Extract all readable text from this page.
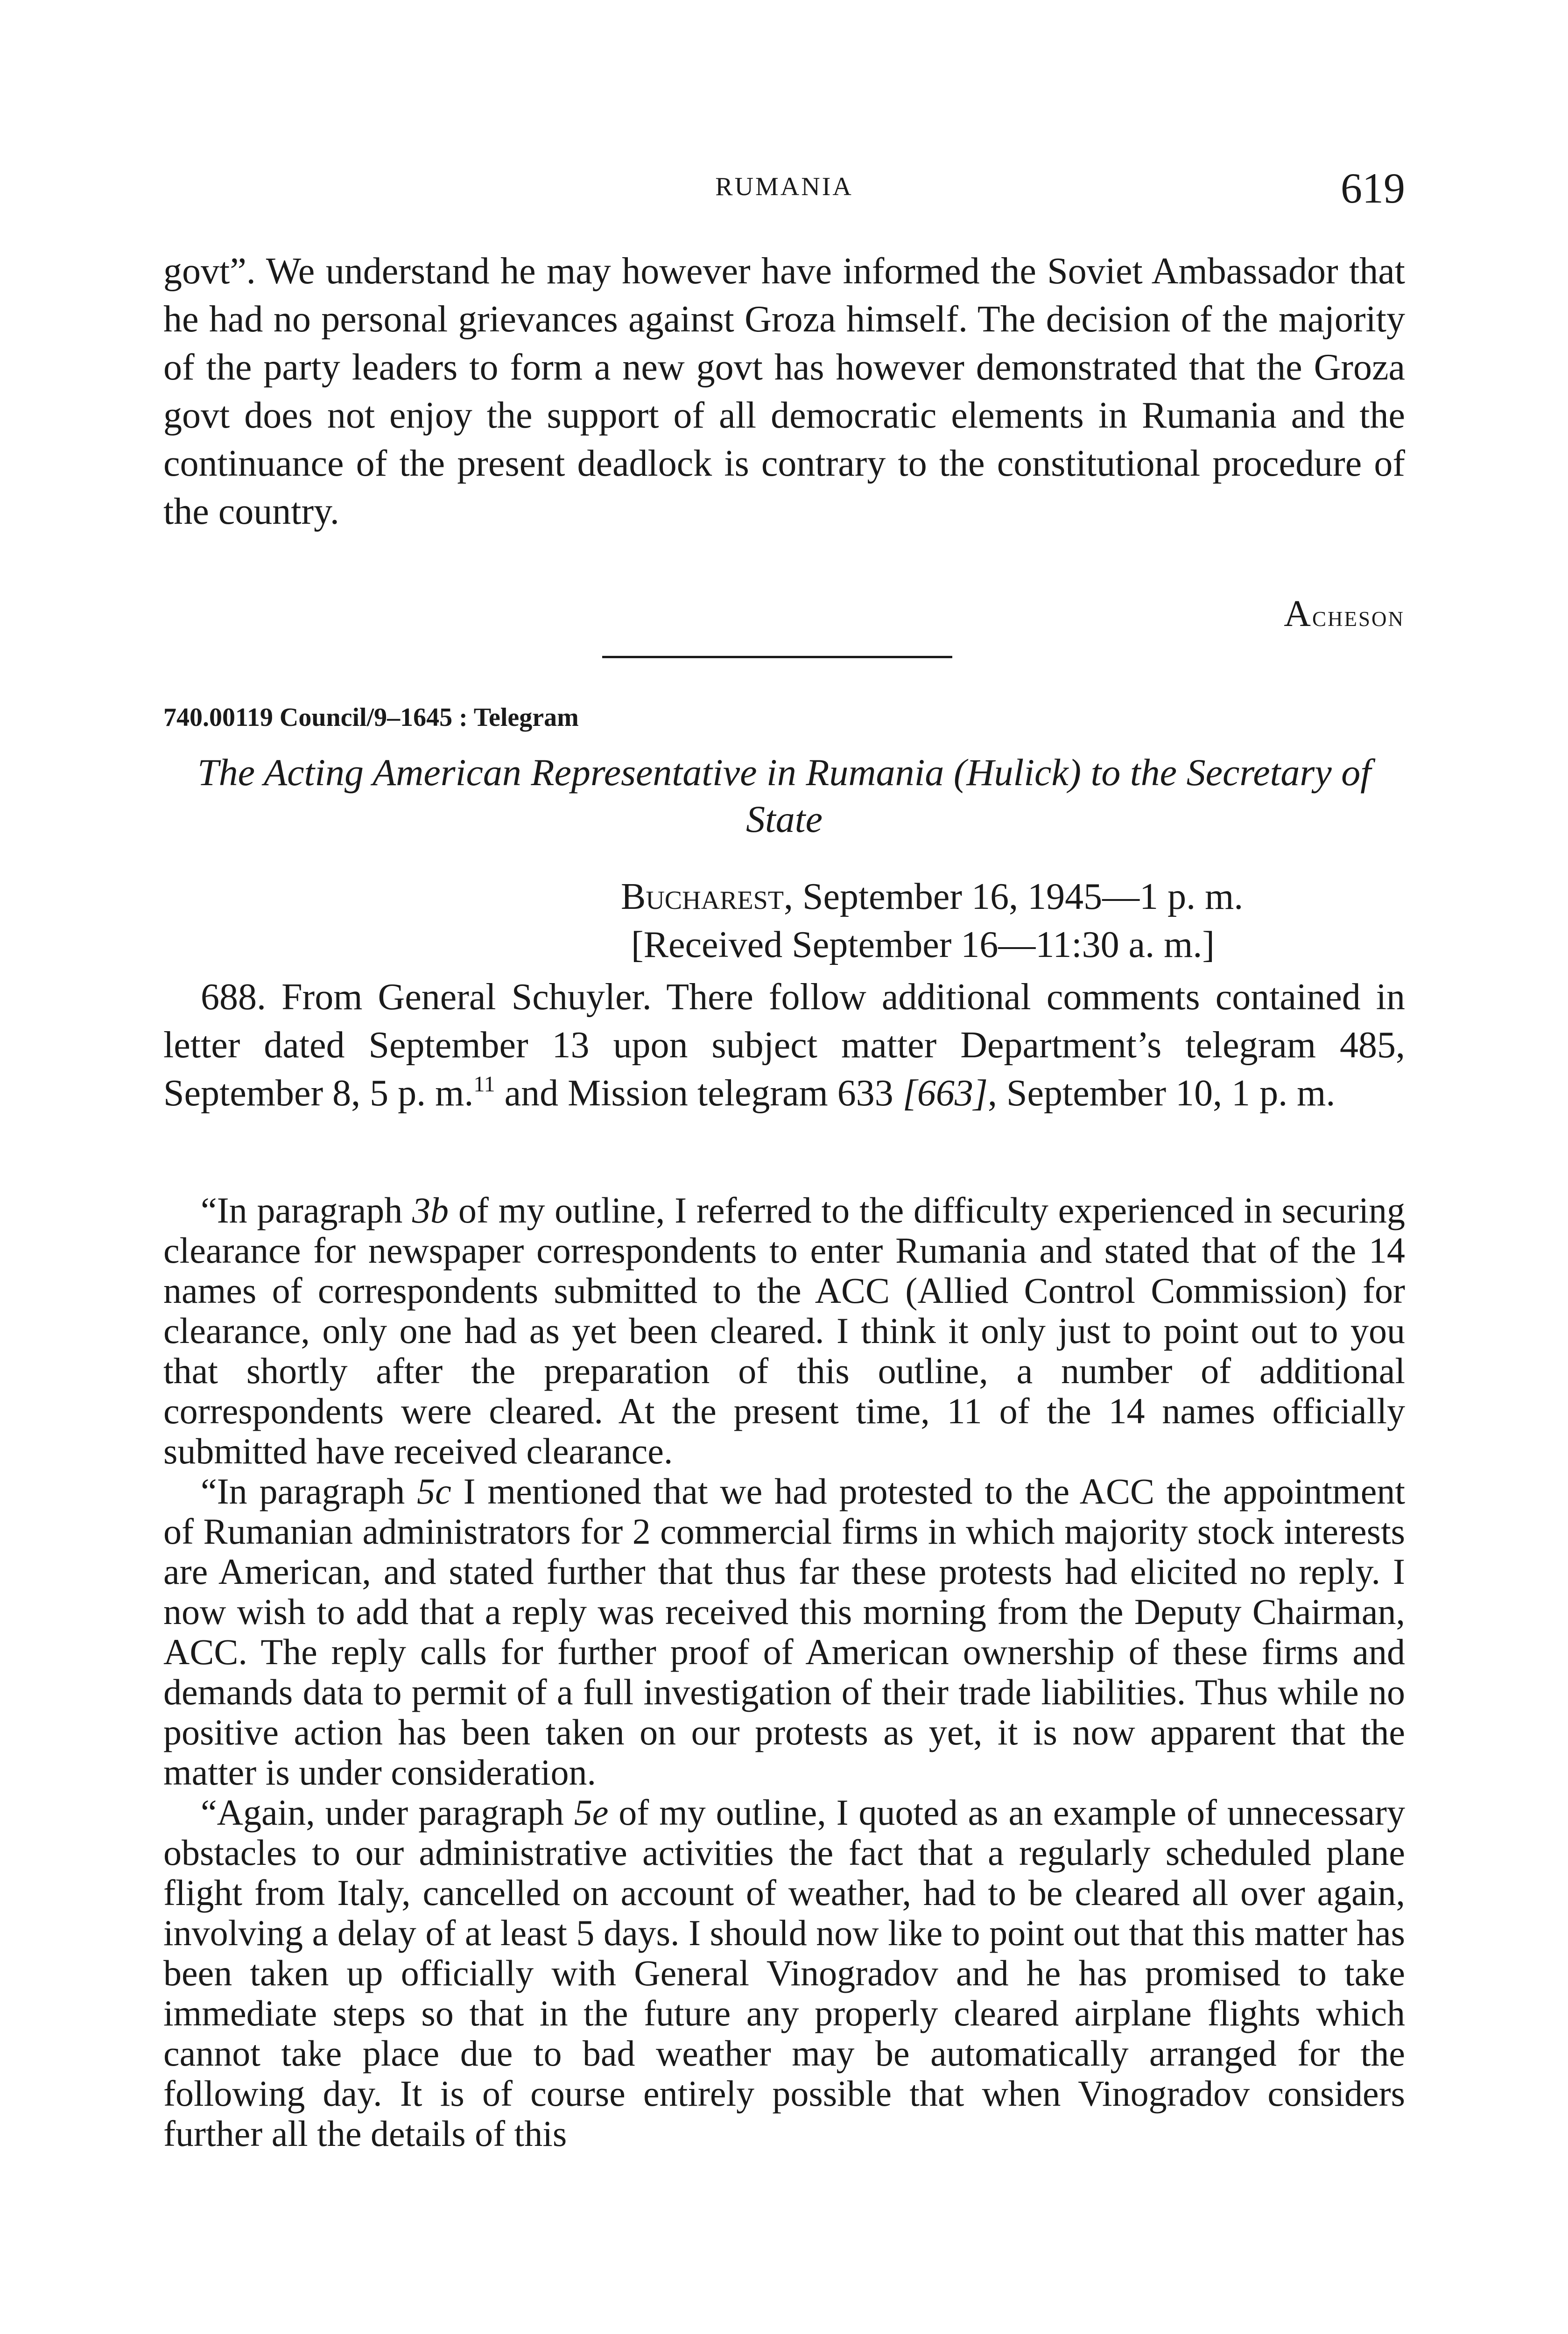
RUMANIA	619

govt”. We understand he may however have informed the Soviet Ambassador that he had no personal grievances against Groza himself. The decision of the majority of the party leaders to form a new govt has however demonstrated that the Groza govt does not enjoy the support of all democratic elements in Rumania and the continuance of the present deadlock is contrary to the constitutional procedure of the country.

Acheson
740.00119 Council/9–1645 : Telegram
The Acting American Representative in Rumania (Hulick) to the Secretary of State
Bucharest, September 16, 1945—1 p. m.
[Received September 16—11:30 a. m.]

688. From General Schuyler. There follow additional comments contained in letter dated September 13 upon subject matter Department’s telegram 485, September 8, 5 p. m.$^{11}$ and Mission telegram 633 [663], September 10, 1 p. m.

“In paragraph 3b of my outline, I referred to the difficulty experienced in securing clearance for newspaper correspondents to enter Rumania and stated that of the 14 names of correspondents submitted to the ACC (Allied Control Commission) for clearance, only one had as yet been cleared. I think it only just to point out to you that shortly after the preparation of this outline, a number of additional correspondents were cleared. At the present time, 11 of the 14 names officially submitted have received clearance.

“In paragraph 5c I mentioned that we had protested to the ACC the appointment of Rumanian administrators for 2 commercial firms in which majority stock interests are American, and stated further that thus far these protests had elicited no reply. I now wish to add that a reply was received this morning from the Deputy Chairman, ACC. The reply calls for further proof of American ownership of these firms and demands data to permit of a full investigation of their trade liabilities. Thus while no positive action has been taken on our protests as yet, it is now apparent that the matter is under consideration.

“Again, under paragraph 5e of my outline, I quoted as an example of unnecessary obstacles to our administrative activities the fact that a regularly scheduled plane flight from Italy, cancelled on account of weather, had to be cleared all over again, involving a delay of at least 5 days. I should now like to point out that this matter has been taken up officially with General Vinogradov and he has promised to take immediate steps so that in the future any properly cleared airplane flights which cannot take place due to bad weather may be automatically arranged for the following day. It is of course entirely possible that when Vinogradov considers further all the details of this
